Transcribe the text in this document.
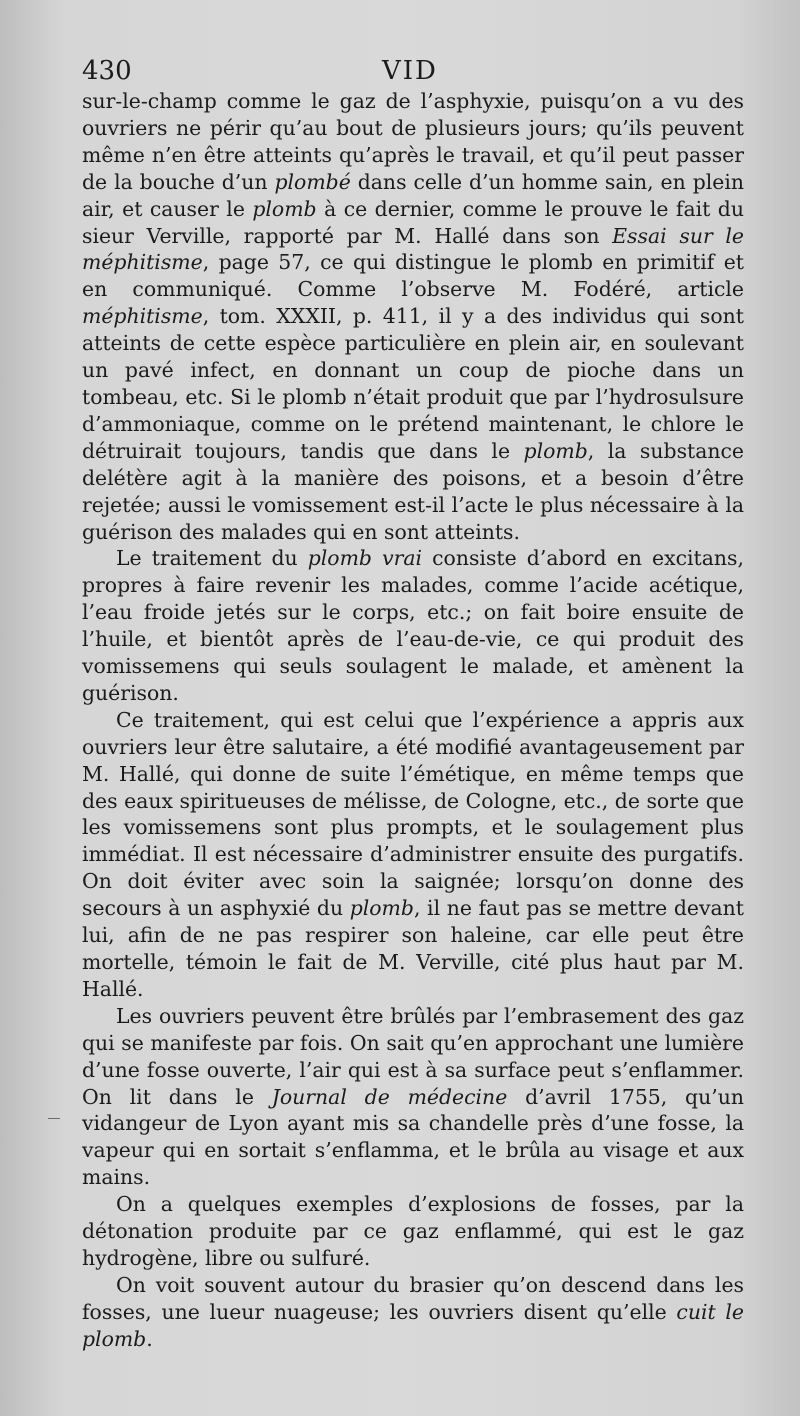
430	VID

sur-le-champ comme le gaz de l’asphyxie, puisqu’on a vu des ouvriers ne périr qu’au bout de plusieurs jours; qu’ils peuvent même n’en être atteints qu’après le travail, et qu’il peut passer de la bouche d’un plombé dans celle d’un homme sain, en plein air, et causer le plomb à ce dernier, comme le prouve le fait du sieur Verville, rapporté par M. Hallé dans son Essai sur le méphitisme, page 57, ce qui distingue le plomb en primitif et en communiqué. Comme l’observe M. Fodéré, article méphitisme, tom. XXXII, p. 411, il y a des individus qui sont atteints de cette espèce particulière en plein air, en soulevant un pavé infect, en donnant un coup de pioche dans un tombeau, etc. Si le plomb n’était produit que par l’hydrosulsure d’ammoniaque, comme on le prétend maintenant, le chlore le détruirait toujours, tandis que dans le plomb, la substance delétère agit à la manière des poisons, et a besoin d’être rejetée; aussi le vomissement est-il l’acte le plus nécessaire à la guérison des malades qui en sont atteints.

Le traitement du plomb vrai consiste d’abord en excitans, propres à faire revenir les malades, comme l’acide acétique, l’eau froide jetés sur le corps, etc.; on fait boire ensuite de l’huile, et bientôt après de l’eau-de-vie, ce qui produit des vomissemens qui seuls soulagent le malade, et amènent la guérison.

Ce traitement, qui est celui que l’expérience a appris aux ouvriers leur être salutaire, a été modifié avantageusement par M. Hallé, qui donne de suite l’émétique, en même temps que des eaux spiritueuses de mélisse, de Cologne, etc., de sorte que les vomissemens sont plus prompts, et le soulagement plus immédiat. Il est nécessaire d’administrer ensuite des purgatifs. On doit éviter avec soin la saignée; lorsqu’on donne des secours à un asphyxié du plomb, il ne faut pas se mettre devant lui, afin de ne pas respirer son haleine, car elle peut être mortelle, témoin le fait de M. Verville, cité plus haut par M. Hallé.

Les ouvriers peuvent être brûlés par l’embrasement des gaz qui se manifeste par fois. On sait qu’en approchant une lumière d’une fosse ouverte, l’air qui est à sa surface peut s’enflammer. On lit dans le Journal de médecine d’avril 1755, qu’un vidangeur de Lyon ayant mis sa chandelle près d’une fosse, la vapeur qui en sortait s’enflamma, et le brûla au visage et aux mains.

On a quelques exemples d’explosions de fosses, par la détonation produite par ce gaz enflammé, qui est le gaz hydrogène, libre ou sulfuré.

On voit souvent autour du brasier qu’on descend dans les fosses, une lueur nuageuse; les ouvriers disent qu’elle cuit le plomb.
